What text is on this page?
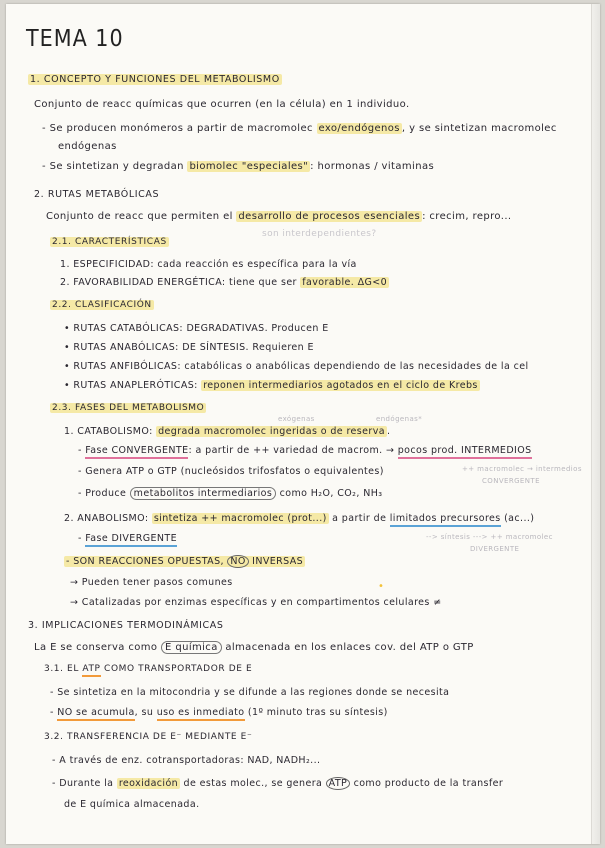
TEMA 10
1. CONCEPTO Y FUNCIONES DEL METABOLISMO
Conjunto de reacc químicas que ocurren (en la célula) en 1 individuo.
- Se producen monómeros a partir de macromolec exo/endógenos , y se sintetizan macromolec
endógenas
- Se sintetizan y degradan biomolec "especiales" : hormonas / vitaminas
2. RUTAS METABÓLICAS
Conjunto de reacc que permiten el desarrollo de procesos esenciales : crecim, repro...
son interdependientes?
2.1. CARACTERÍSTICAS
1. ESPECIFICIDAD: cada reacción es específica para la vía
2. FAVORABILIDAD ENERGÉTICA: tiene que ser favorable. ΔG<0
2.2. CLASIFICACIÓN
• RUTAS CATABÓLICAS: DEGRADATIVAS. Producen E
• RUTAS ANABÓLICAS: DE SÍNTESIS. Requieren E
• RUTAS ANFIBÓLICAS: catabólicas o anabólicas dependiendo de las necesidades de la cel
• RUTAS ANAPLERÓTICAS: reponen intermediarios agotados en el ciclo de Krebs
2.3. FASES DEL METABOLISMO
exógenas	endógenas*
1. CATABOLISMO: degrada macromolec ingeridas o de reserva .
- Fase CONVERGENTE: a partir de ++ variedad de macrom. → pocos prod. INTERMEDIOS
- Genera ATP o GTP (nucleósidos trifosfatos o equivalentes)	++ macromolec → intermedios
CONVERGENTE
- Produce metabolitos intermediarios como H₂O, CO₂, NH₃
2. ANABOLISMO: sintetiza ++ macromolec (prot...) a partir de limitados precursores (ac...)
- Fase DIVERGENTE	--> síntesis ---> ++ macromolec
DIVERGENTE
- SON REACCIONES OPUESTAS, NO INVERSAS
→ Pueden tener pasos comunes
→ Catalizadas por enzimas específicas y en compartimentos celulares ≠
•
3. IMPLICACIONES TERMODINÁMICAS
La E se conserva como E química almacenada en los enlaces cov. del ATP o GTP
3.1. EL ATP COMO TRANSPORTADOR DE E
- Se sintetiza en la mitocondria y se difunde a las regiones donde se necesita
- NO se acumula, su uso es inmediato (1º minuto tras su síntesis)
3.2. TRANSFERENCIA DE E⁻ MEDIANTE E⁻
- A través de enz. cotransportadoras: NAD, NADH₂...
- Durante la reoxidación de estas molec., se genera ATP como producto de la transfer
de E química almacenada.
